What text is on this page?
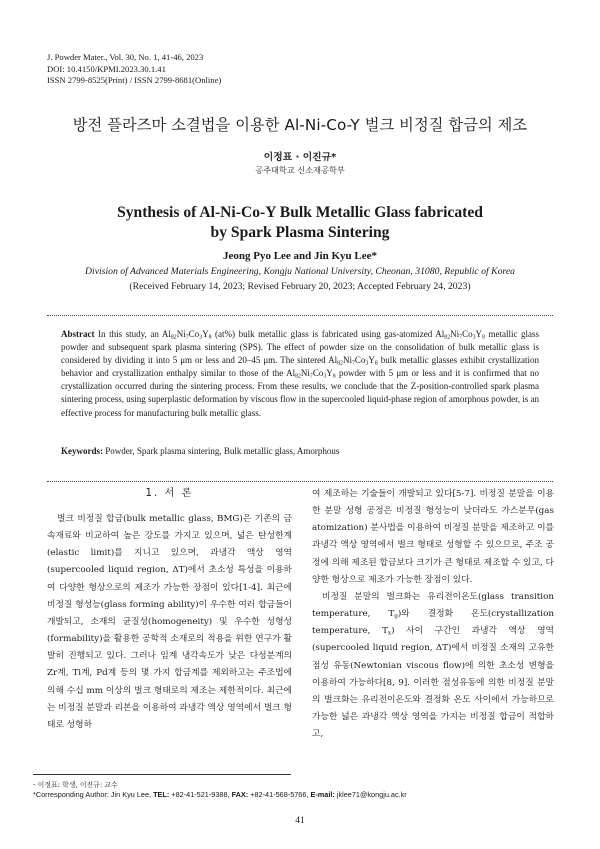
J. Powder Mater., Vol. 30, No. 1, 41-46, 2023
DOI: 10.4150/KPMI.2023.30.1.41
ISSN 2799-8525(Print) / ISSN 2799-8681(Online)
방전 플라즈마 소결법을 이용한 Al-Ni-Co-Y 벌크 비정질 합금의 제조
이정표 · 이진규*
공주대학교 신소재공학부
Synthesis of Al-Ni-Co-Y Bulk Metallic Glass fabricated
by Spark Plasma Sintering
Jeong Pyo Lee and Jin Kyu Lee*
Division of Advanced Materials Engineering, Kongju National University, Cheonan, 31080, Republic of Korea
(Received February 14, 2023; Revised February 20, 2023; Accepted February 24, 2023)
Abstract In this study, an $Al_{82}Ni_7Co_3Y_8$ (at%) bulk metallic glass is fabricated using gas-atomized $Al_{82}Ni_7Co_3Y_8$ metallic glass powder and subsequent spark plasma sintering (SPS). The effect of powder size on the consolidation of bulk metallic glass is considered by dividing it into 5 μm or less and 20–45 μm. The sintered $Al_{82}Ni_7Co_3Y_8$ bulk metallic glasses exhibit crystallization behavior and crystallization enthalpy similar to those of the $Al_{82}Ni_7Co_3Y_8$ powder with 5 μm or less and it is confirmed that no crystallization occurred during the sintering process. From these results, we conclude that the Z-position-controlled spark plasma sintering process, using superplastic deformation by viscous flow in the supercooled liquid-phase region of amorphous powder, is an effective process for manufacturing bulk metallic glass.
Keywords: Powder, Spark plasma sintering, Bulk metallic glass, Amorphous
1. 서 론

벌크 비정질 합금(bulk metallic glass, BMG)은 기존의 금속재료와 비교하여 높은 강도를 가지고 있으며, 넓은 탄성한계(elastic limit)를 지니고 있으며, 과냉각 액상 영역(supercooled liquid region, ΔT)에서 초소성 특성을 이용하여 다양한 형상으로의 제조가 가능한 장점이 있다[1-4]. 최근에 비정질 형성능(glass forming ability)이 우수한 여러 합금들이 개발되고, 소재의 균질성(homogeneity) 및 우수한 성형성(formability)을 활용한 공학적 소재로의 적용을 위한 연구가 활발히 진행되고 있다. 그러나 임계 냉각속도가 낮은 다성분계의 Zr계, Ti계, Pd계 등의 몇 가지 합금계를 제외하고는 주조법에 의해 수십 mm 이상의 벌크 형태로의 제조는 제한적이다. 최근에는 비정질 분말과 리본을 이용하여 과냉각 액상 영역에서 벌크 형태로 성형하

여 제조하는 기술들이 개발되고 있다[5-7]. 비정질 분말을 이용한 분말 성형 공정은 비정질 형성능이 낮더라도 가스분무(gas atomization) 분사법을 이용하여 비정질 분말을 제조하고 이를 과냉각 액상 영역에서 벌크 형태로 성형할 수 있으므로, 주조 공정에 의해 제조된 합금보다 크기가 큰 형태로 제조할 수 있고, 다양한 형상으로 제조가 가능한 장점이 있다.

비정질 분말의 벌크화는 유리전이온도(glass transition temperature, $T_g$)와 결정화 온도(crystallization temperature, $T_x$) 사이 구간인 과냉각 액상 영역(supercooled liquid region, ΔT)에서 비정질 소재의 고유한 점성 유동(Newtonian viscous flow)에 의한 초소성 변형을 이용하여 가능하다[8, 9]. 이러한 점성유동에 의한 비정질 분말의 벌크화는 유리전이온도와 결정화 온도 사이에서 가능하므로 가능한 넓은 과냉각 액상 영역을 가지는 비정질 합금이 적합하고,

- 이정표: 학생, 이진규: 교수
*Corresponding Author: Jin Kyu Lee, TEL: +82-41-521-9388, FAX: +82-41-568-5766, E-mail: jklee71@kongju.ac.kr
41
